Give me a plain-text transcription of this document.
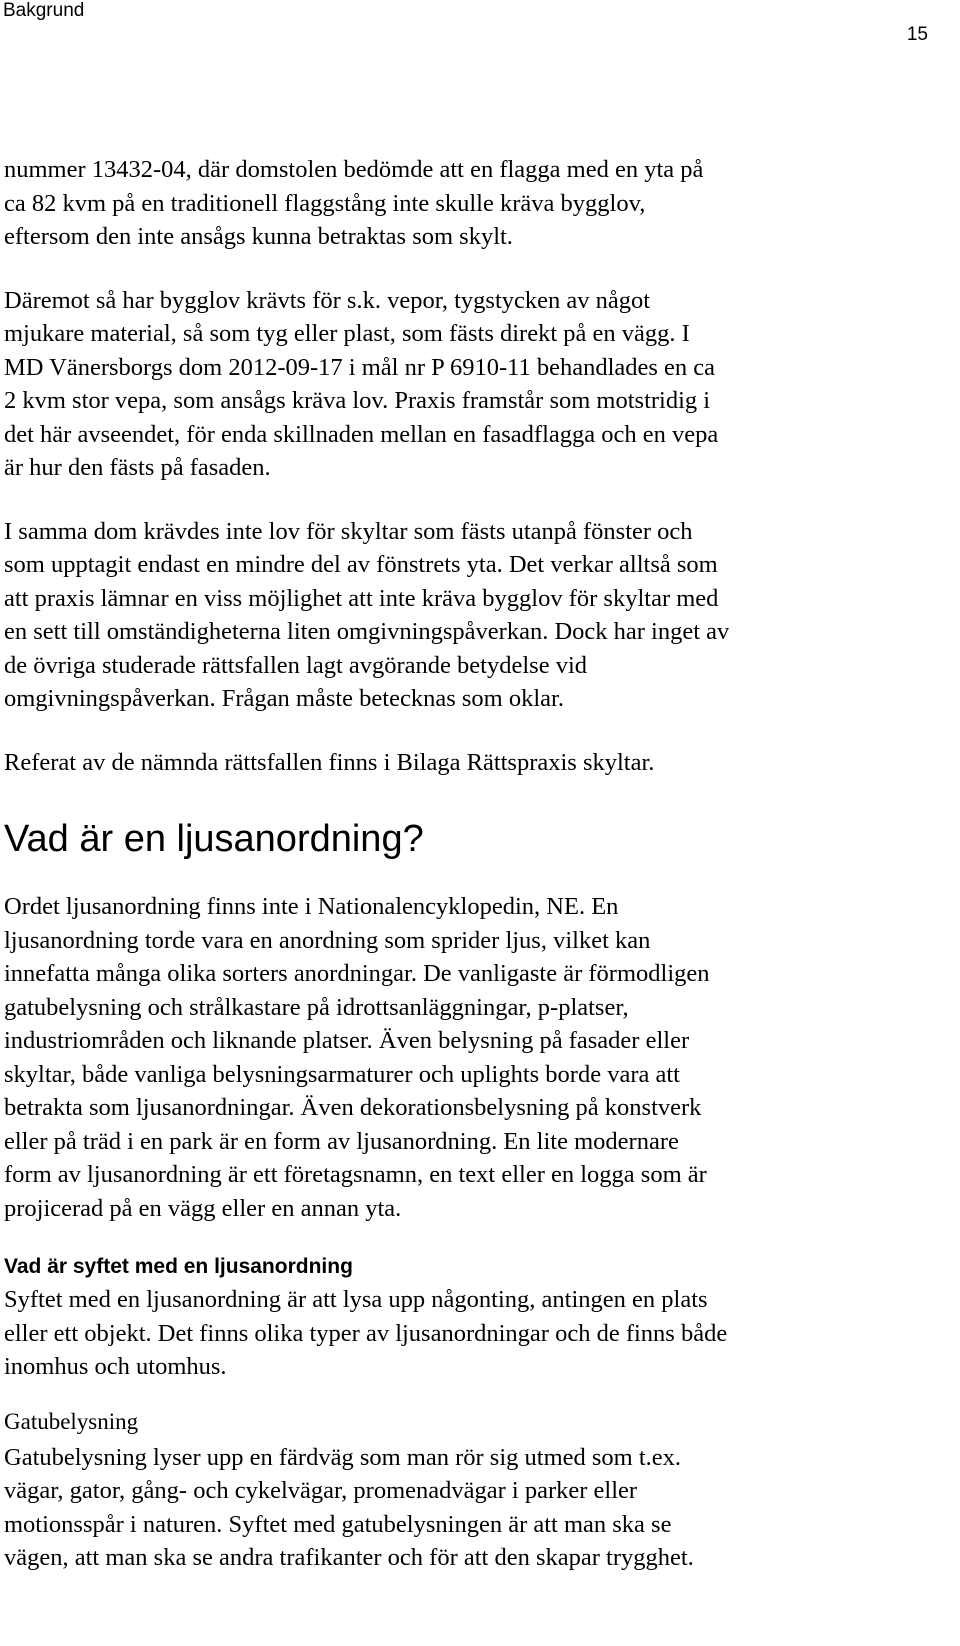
Bakgrund
15

nummer 13432-04, där domstolen bedömde att en flagga med en yta på
ca 82 kvm på en traditionell flaggstång inte skulle kräva bygglov,
eftersom den inte ansågs kunna betraktas som skylt.

Däremot så har bygglov krävts för s.k. vepor, tygstycken av något
mjukare material, så som tyg eller plast, som fästs direkt på en vägg. I
MD Vänersborgs dom 2012-09-17 i mål nr P 6910-11 behandlades en ca
2 kvm stor vepa, som ansågs kräva lov. Praxis framstår som motstridig i
det här avseendet, för enda skillnaden mellan en fasadflagga och en vepa
är hur den fästs på fasaden.

I samma dom krävdes inte lov för skyltar som fästs utanpå fönster och
som upptagit endast en mindre del av fönstrets yta. Det verkar alltså som
att praxis lämnar en viss möjlighet att inte kräva bygglov för skyltar med
en sett till omständigheterna liten omgivningspåverkan. Dock har inget av
de övriga studerade rättsfallen lagt avgörande betydelse vid
omgivningspåverkan. Frågan måste betecknas som oklar.

Referat av de nämnda rättsfallen finns i Bilaga Rättspraxis skyltar.

Vad är en ljusanordning?

Ordet ljusanordning finns inte i Nationalencyklopedin, NE. En
ljusanordning torde vara en anordning som sprider ljus, vilket kan
innefatta många olika sorters anordningar. De vanligaste är förmodligen
gatubelysning och strålkastare på idrottsanläggningar, p-platser,
industriområden och liknande platser. Även belysning på fasader eller
skyltar, både vanliga belysningsarmaturer och uplights borde vara att
betrakta som ljusanordningar. Även dekorationsbelysning på konstverk
eller på träd i en park är en form av ljusanordning. En lite modernare
form av ljusanordning är ett företagsnamn, en text eller en logga som är
projicerad på en vägg eller en annan yta.

Vad är syftet med en ljusanordning

Syftet med en ljusanordning är att lysa upp någonting, antingen en plats
eller ett objekt. Det finns olika typer av ljusanordningar och de finns både
inomhus och utomhus.

Gatubelysning

Gatubelysning lyser upp en färdväg som man rör sig utmed som t.ex.
vägar, gator, gång- och cykelvägar, promenadvägar i parker eller
motionsspår i naturen. Syftet med gatubelysningen är att man ska se
vägen, att man ska se andra trafikanter och för att den skapar trygghet.
